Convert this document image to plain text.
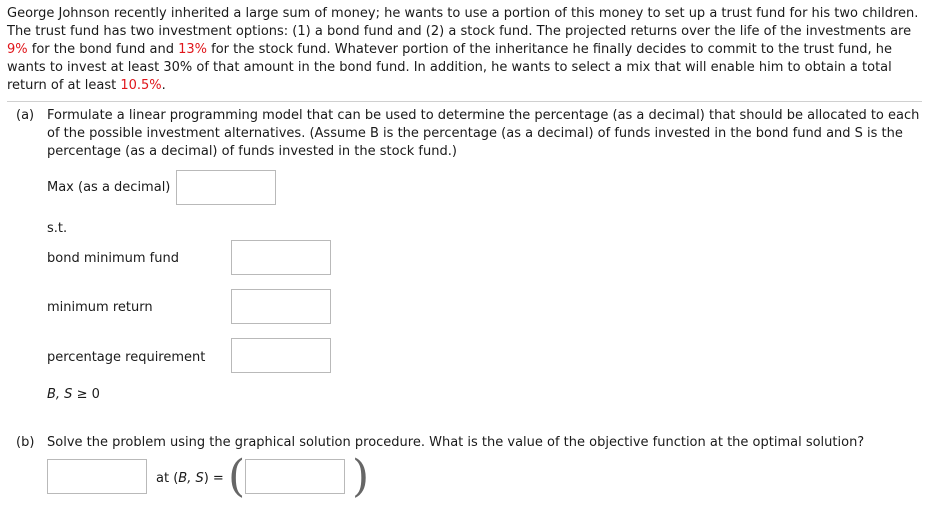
George Johnson recently inherited a large sum of money; he wants to use a portion of this money to set up a trust fund for his two children. The trust fund has two investment options: (1) a bond fund and (2) a stock fund. The projected returns over the life of the investments are 9% for the bond fund and 13% for the stock fund. Whatever portion of the inheritance he finally decides to commit to the trust fund, he wants to invest at least 30% of that amount in the bond fund. In addition, he wants to select a mix that will enable him to obtain a total return of at least 10.5%.
(a) Formulate a linear programming model that can be used to determine the percentage (as a decimal) that should be allocated to each of the possible investment alternatives. (Assume B is the percentage (as a decimal) of funds invested in the bond fund and S is the percentage (as a decimal) of funds invested in the stock fund.)
Max (as a decimal)
s.t.
bond minimum fund
minimum return
percentage requirement
B, S ≥ 0
(b) Solve the problem using the graphical solution procedure. What is the value of the objective function at the optimal solution?
at (B, S) = ( )
